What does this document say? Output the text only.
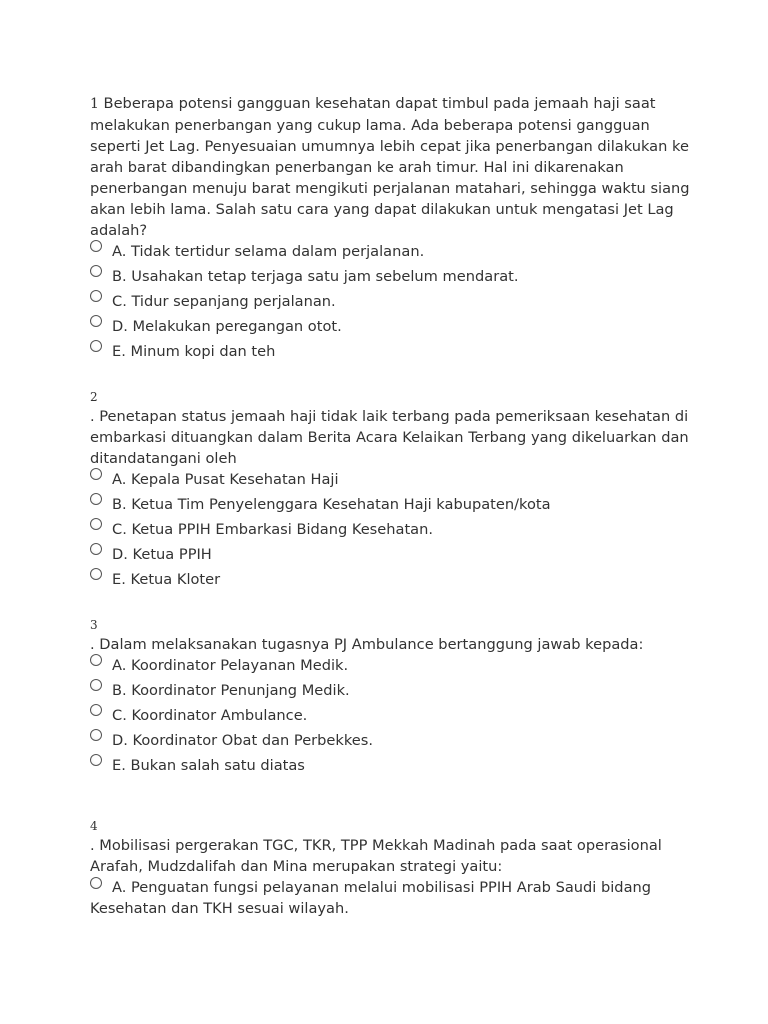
1 Beberapa potensi gangguan kesehatan dapat timbul pada jemaah haji saat melakukan penerbangan yang cukup lama. Ada beberapa potensi gangguan seperti Jet Lag. Penyesuaian umumnya lebih cepat jika penerbangan dilakukan ke arah barat dibandingkan penerbangan ke arah timur. Hal ini dikarenakan penerbangan menuju barat mengikuti perjalanan matahari, sehingga waktu siang akan lebih lama. Salah satu cara yang dapat dilakukan untuk mengatasi Jet Lag adalah?

A. Tidak tertidur selama dalam perjalanan.
B. Usahakan tetap terjaga satu jam sebelum mendarat.
C. Tidur sepanjang perjalanan.
D. Melakukan peregangan otot.
E. Minum kopi dan teh
2

. Penetapan status jemaah haji tidak laik terbang pada pemeriksaan kesehatan di embarkasi dituangkan dalam Berita Acara Kelaikan Terbang yang dikeluarkan dan ditandatangani oleh

A. Kepala Pusat Kesehatan Haji
B. Ketua Tim Penyelenggara Kesehatan Haji kabupaten/kota
C. Ketua PPIH Embarkasi Bidang Kesehatan.
D. Ketua PPIH
E. Ketua Kloter
3

. Dalam melaksanakan tugasnya PJ Ambulance bertanggung jawab kepada:

A. Koordinator Pelayanan Medik.
B. Koordinator Penunjang Medik.
C. Koordinator Ambulance.
D. Koordinator Obat dan Perbekkes.
E. Bukan salah satu diatas
4

. Mobilisasi pergerakan TGC, TKR, TPP Mekkah Madinah pada saat operasional Arafah, Mudzdalifah dan Mina merupakan strategi yaitu:

A. Penguatan fungsi pelayanan melalui mobilisasi PPIH Arab Saudi bidang Kesehatan dan TKH sesuai wilayah.
